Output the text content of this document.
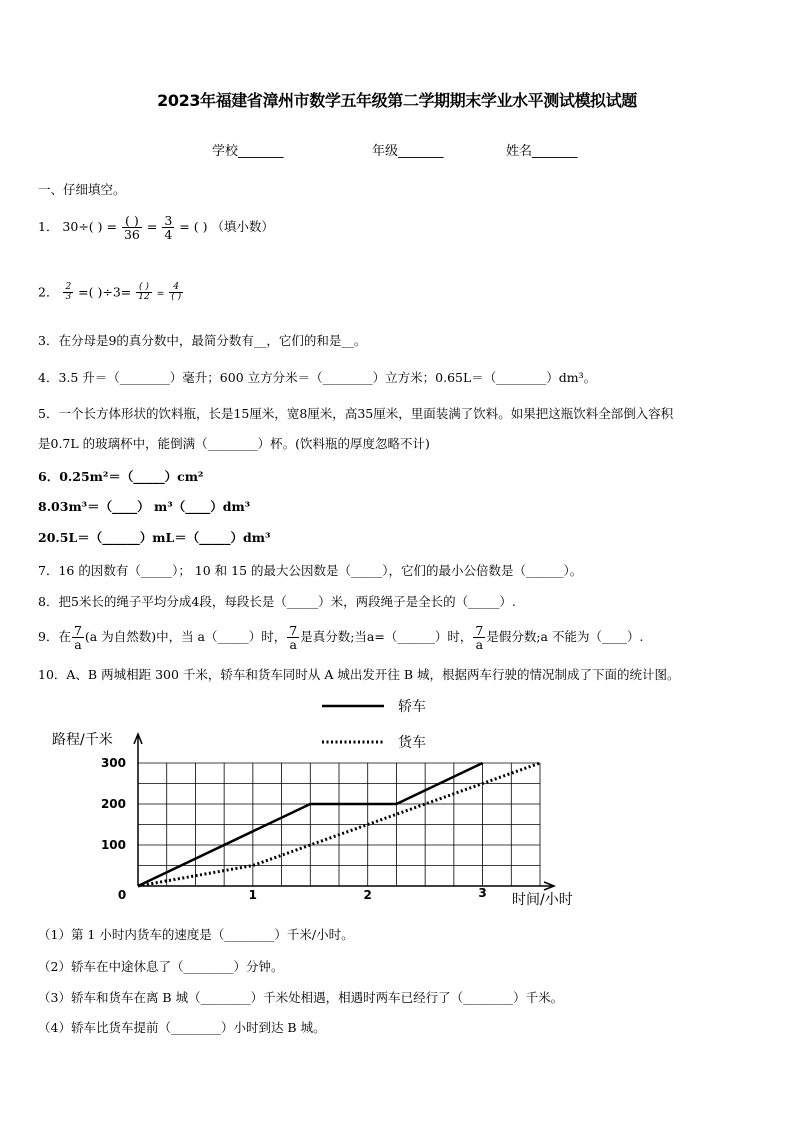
2023年福建省漳州市数学五年级第二学期期末学业水平测试模拟试题
学校_______	年级_______	姓名_______
一、仔细填空。
1． 30÷( ) = $\frac{( )}{36} = \frac{3}{4}$ = ( ) （填小数）
2． $\frac{2}{3}$ =( )$\div 3= \frac{( )}{12} = \frac{4}{( )}$
3．在分母是9的真分数中，最简分数有__，它们的和是__。
4．3.5 升＝（________）毫升；600 立方分米＝（________）立方米；0.65L＝（________）dm³。
5．一个长方体形状的饮料瓶，长是15厘米，宽8厘米，高35厘米，里面装满了饮料。如果把这瓶饮料全部倒入容积
是0.7L 的玻璃杯中，能倒满（________）杯。(饮料瓶的厚度忽略不计)
6．0.25m²＝（_____）cm²
8.03m³＝（____） m³（____）dm³
20.5L＝（______）mL＝（_____）dm³
7．16 的因数有（_____）； 10 和 15 的最大公因数是（_____），它们的最小公倍数是（______）。
8．把5米长的绳子平均分成4段，每段长是（_____）米，两段绳子是全长的（_____）.
9．在 $\frac{7}{a} (a$ 为自然数)中，当 a（_____）时， $\frac{7}{a}$ 是真分数;当a=（______）时， $\frac{7}{a}$ 是假分数;a 不能为（____）.
10．A、B 两城相距 300 千米，轿车和货车同时从 A 城出发开往 B 城，根据两车行驶的情况制成了下面的统计图。
100
200
300
0	1	2	3
路程/千米
时间/小时
轿车
货车
（1）第 1 小时内货车的速度是（________）千米/小时。
（2）轿车在中途休息了（________）分钟。
（3）轿车和货车在离 B 城（________）千米处相遇，相遇时两车已经行了（________）千米。
（4）轿车比货车提前（________）小时到达 B 城。
